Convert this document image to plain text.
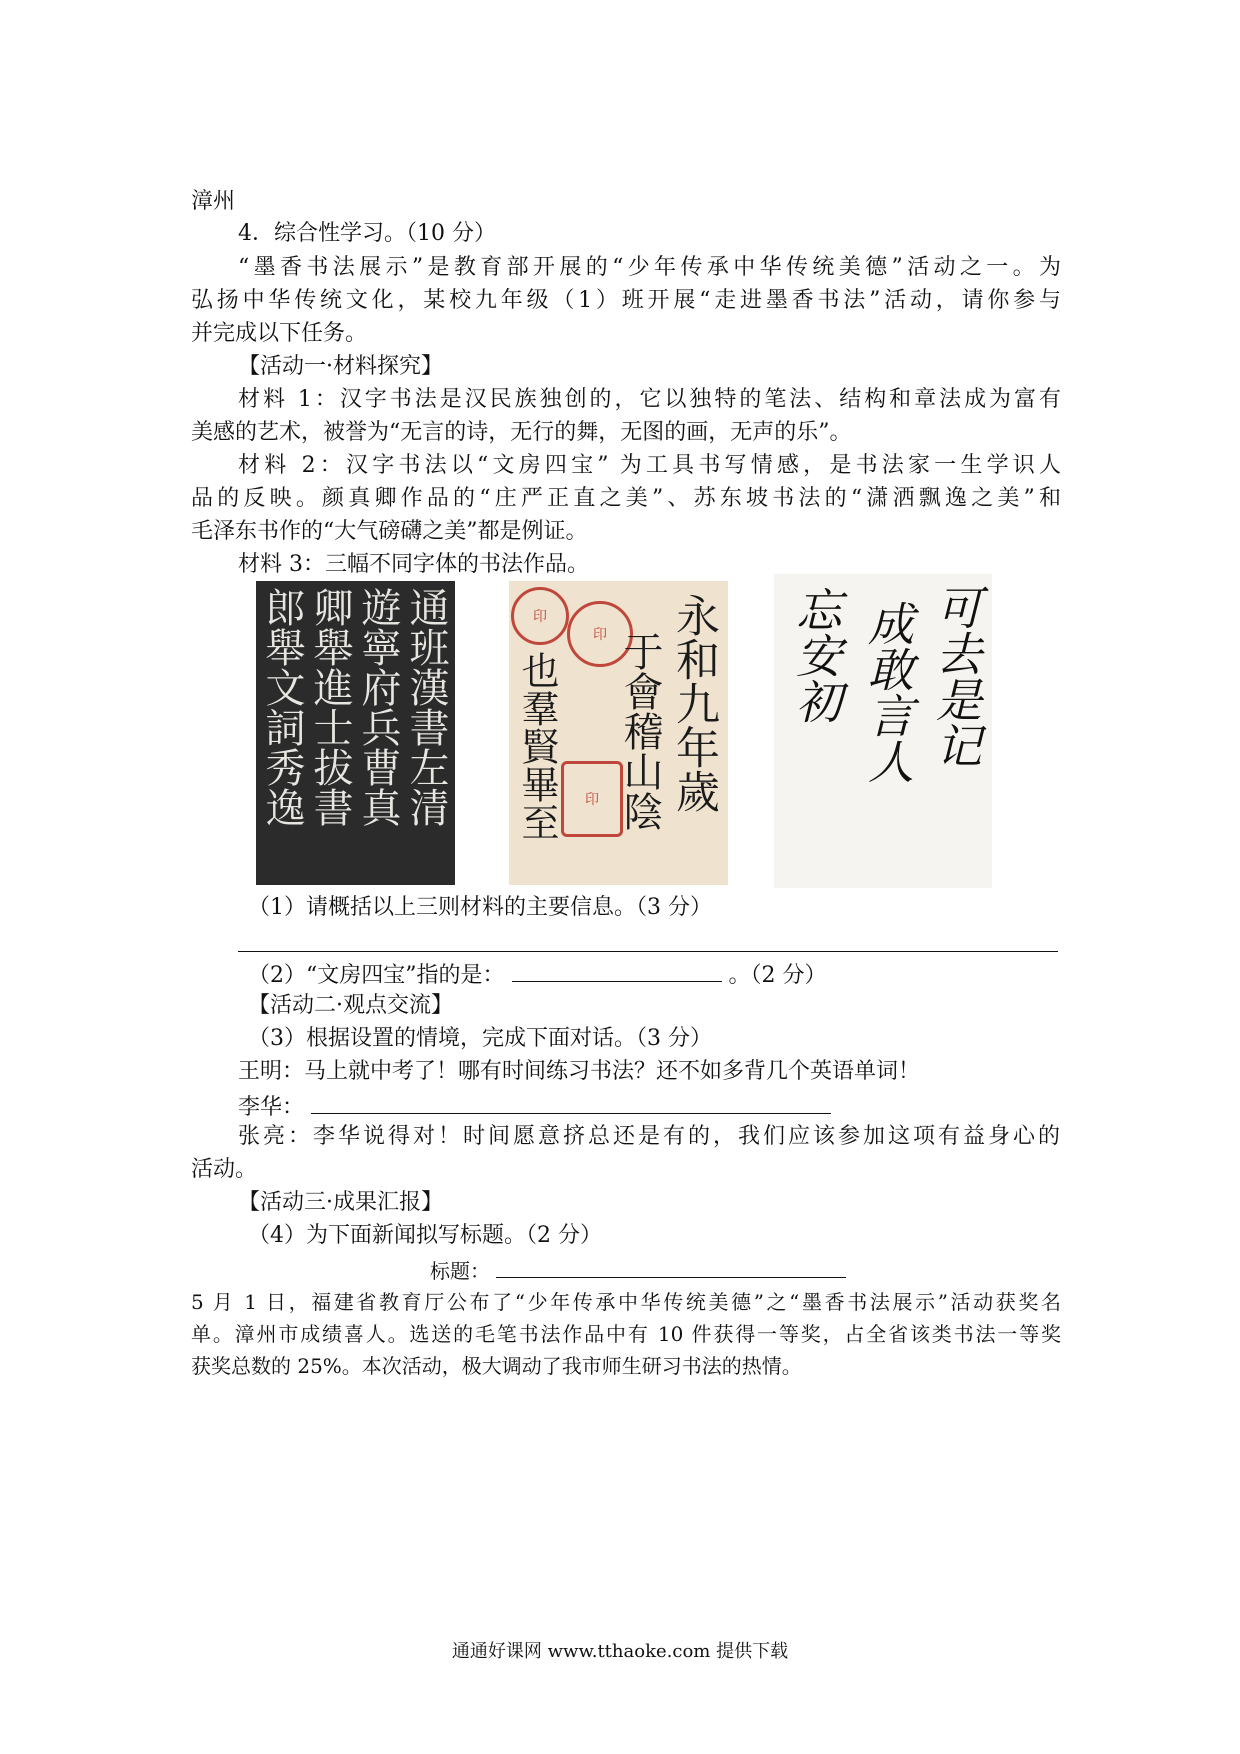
漳州
4．综合性学习。（10 分）
“墨香书法展示”是教育部开展的“少年传承中华传统美德”活动之一。为
弘扬中华传统文化，某校九年级（1）班开展“走进墨香书法”活动，请你参与
并完成以下任务。
【活动一·材料探究】
材料 1：汉字书法是汉民族独创的，它以独特的笔法、结构和章法成为富有
美感的艺术，被誉为“无言的诗，无行的舞，无图的画，无声的乐”。
材料 2：汉字书法以“文房四宝” 为工具书写情感，是书法家一生学识人
品的反映。颜真卿作品的“庄严正直之美”、苏东坡书法的“潇洒飘逸之美”和
毛泽东书作的“大气磅礴之美”都是例证。
材料 3：三幅不同字体的书法作品。
通班漢書左清
遊寧府兵曹真
卿舉進士拔書
郎舉文詞秀逸	印
印
印	永和九年歲
于會稽山陰
也羣賢畢至	可去是记
成敢言人
忘安初
（1）请概括以上三则材料的主要信息。（3 分）
（2）“文房四宝”指的是：	。（2 分）
【活动二·观点交流】
（3）根据设置的情境，完成下面对话。（3 分）
王明：马上就中考了！哪有时间练习书法？还不如多背几个英语单词！
李华：
张亮：李华说得对！时间愿意挤总还是有的，我们应该参加这项有益身心的
活动。
【活动三·成果汇报】
（4）为下面新闻拟写标题。（2 分）
标题：
5 月 1 日，福建省教育厅公布了“少年传承中华传统美德”之“墨香书法展示”活动获奖名
单。漳州市成绩喜人。选送的毛笔书法作品中有 10 件获得一等奖，占全省该类书法一等奖
获奖总数的 25%。本次活动，极大调动了我市师生研习书法的热情。
通通好课网 www.tthaoke.com 提供下载
